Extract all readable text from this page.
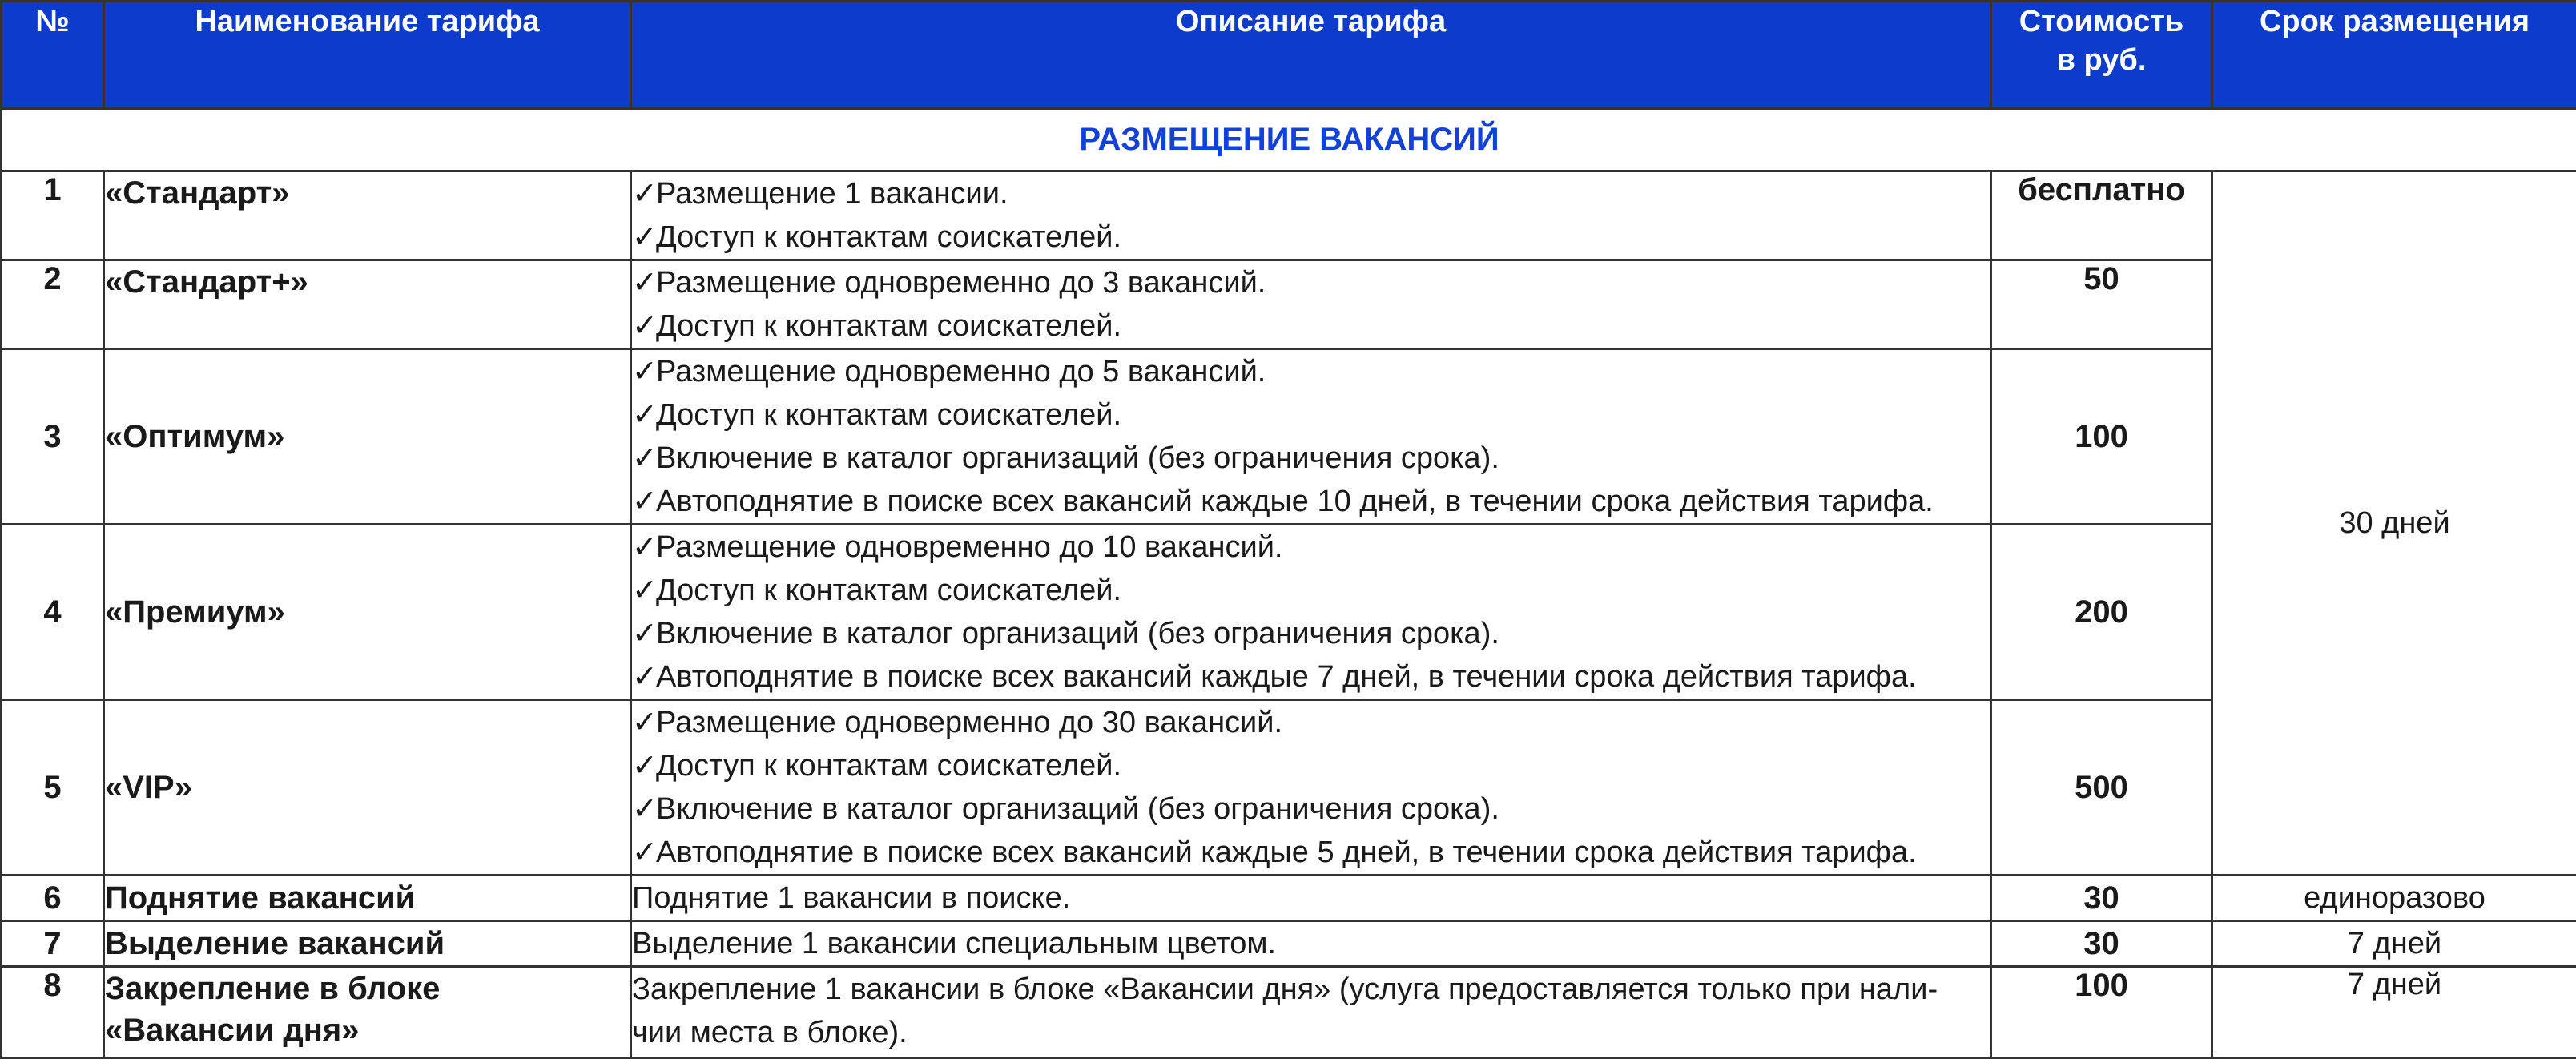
№	Наименование тарифа	Описание тарифа	Стоимость
в руб.	Срок размещения
РАЗМЕЩЕНИЕ ВАКАНСИЙ				
1	«Стандарт»	✓Размещение 1 вакансии.
✓Доступ к контактам соискателей.	бесплатно	30 дней
2	«Стандарт+»	✓Размещение одновременно до 3 вакансий.
✓Доступ к контактам соискателей.	50	
3	«Оптимум»	✓Размещение одновременно до 5 вакансий.
✓Доступ к контактам соискателей.
✓Включение в каталог организаций (без ограничения срока).
✓Автоподнятие в поиске всех вакансий каждые 10 дней, в течении срока действия тарифа.	100	
4	«Премиум»	✓Размещение одновременно до 10 вакансий.
✓Доступ к контактам соискателей.
✓Включение в каталог организаций (без ограничения срока).
✓Автоподнятие в поиске всех вакансий каждые 7 дней, в течении срока действия тарифа.	200	
5	«VIP»	✓Размещение одноверменно до 30 вакансий.
✓Доступ к контактам соискателей.
✓Включение в каталог организаций (без ограничения срока).
✓Автоподнятие в поиске всех вакансий каждые 5 дней, в течении срока действия тарифа.	500	
6	Поднятие вакансий	Поднятие 1 вакансии в поиске.	30	единоразово
7	Выделение вакансий	Выделение 1 вакансии специальным цветом.	30	7 дней
8	Закрепление в блоке
«Вакансии дня»	Закрепление 1 вакансии в блоке «Вакансии дня» (услуга предоставляется только при нали-
чии места в блоке).	100	7 дней
